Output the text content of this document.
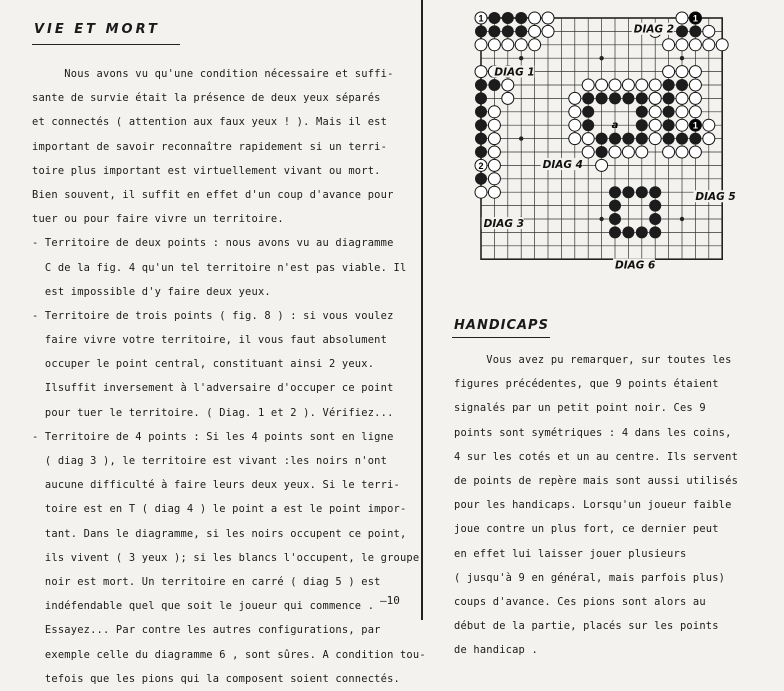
VIE ET MORT
Nous avons vu qu'une condition nécessaire et suffi-
sante de survie était la présence de deux yeux séparés
et connectés ( attention aux faux yeux ! ). Mais il est
important de savoir reconnaître rapidement si un terri-
toire plus important est virtuellement vivant ou mort.
Bien souvent, il suffit en effet d'un coup d'avance pour
tuer ou pour faire vivre un territoire.
- Territoire de deux points : nous avons vu au diagramme
C de la fig. 4 qu'un tel territoire n'est pas viable. Il
est impossible d'y faire deux yeux.
- Territoire de trois points ( fig. 8 ) : si vous voulez
faire vivre votre territoire, il vous faut absolument
occuper le point central, constituant ainsi 2 yeux.
Ilsuffit inversement à l'adversaire d'occuper ce point
pour tuer le territoire. ( Diag. 1 et 2 ). Vérifiez...
- Territoire de 4 points : Si les 4 points sont en ligne
( diag 3 ), le territoire est vivant :les noirs n'ont
aucune difficulté à faire leurs deux yeux. Si le terri-
toire est en T ( diag 4 ) le point a est le point impor-
tant. Dans le diagramme, si les noirs occupent ce point,
ils vivent ( 3 yeux ); si les blancs l'occupent, le groupe
noir est mort. Un territoire en carré ( diag 5 ) est
indéfendable quel que soit le joueur qui commence .
Essayez... Par contre les autres configurations, par
exemple celle du diagramme 6 , sont sûres. A condition tou-
tefois que les pions qui la composent soient connectés.
—10
1	1
1
2
a
DIAG 1
DIAG 2
DIAG 3
DIAG 4
DIAG 5
DIAG 6
HANDICAPS
Vous avez pu remarquer, sur toutes les
figures précédentes, que 9 points étaient
signalés par un petit point noir. Ces 9
points sont symétriques : 4 dans les coins,
4 sur les cotés et un au centre. Ils servent
de points de repère mais sont aussi utilisés
pour les handicaps. Lorsqu'un joueur faible
joue contre un plus fort, ce dernier peut
en effet lui laisser jouer plusieurs
( jusqu'à 9 en général, mais parfois plus)
coups d'avance. Ces pions sont alors au
début de la partie, placés sur les points
de handicap .
